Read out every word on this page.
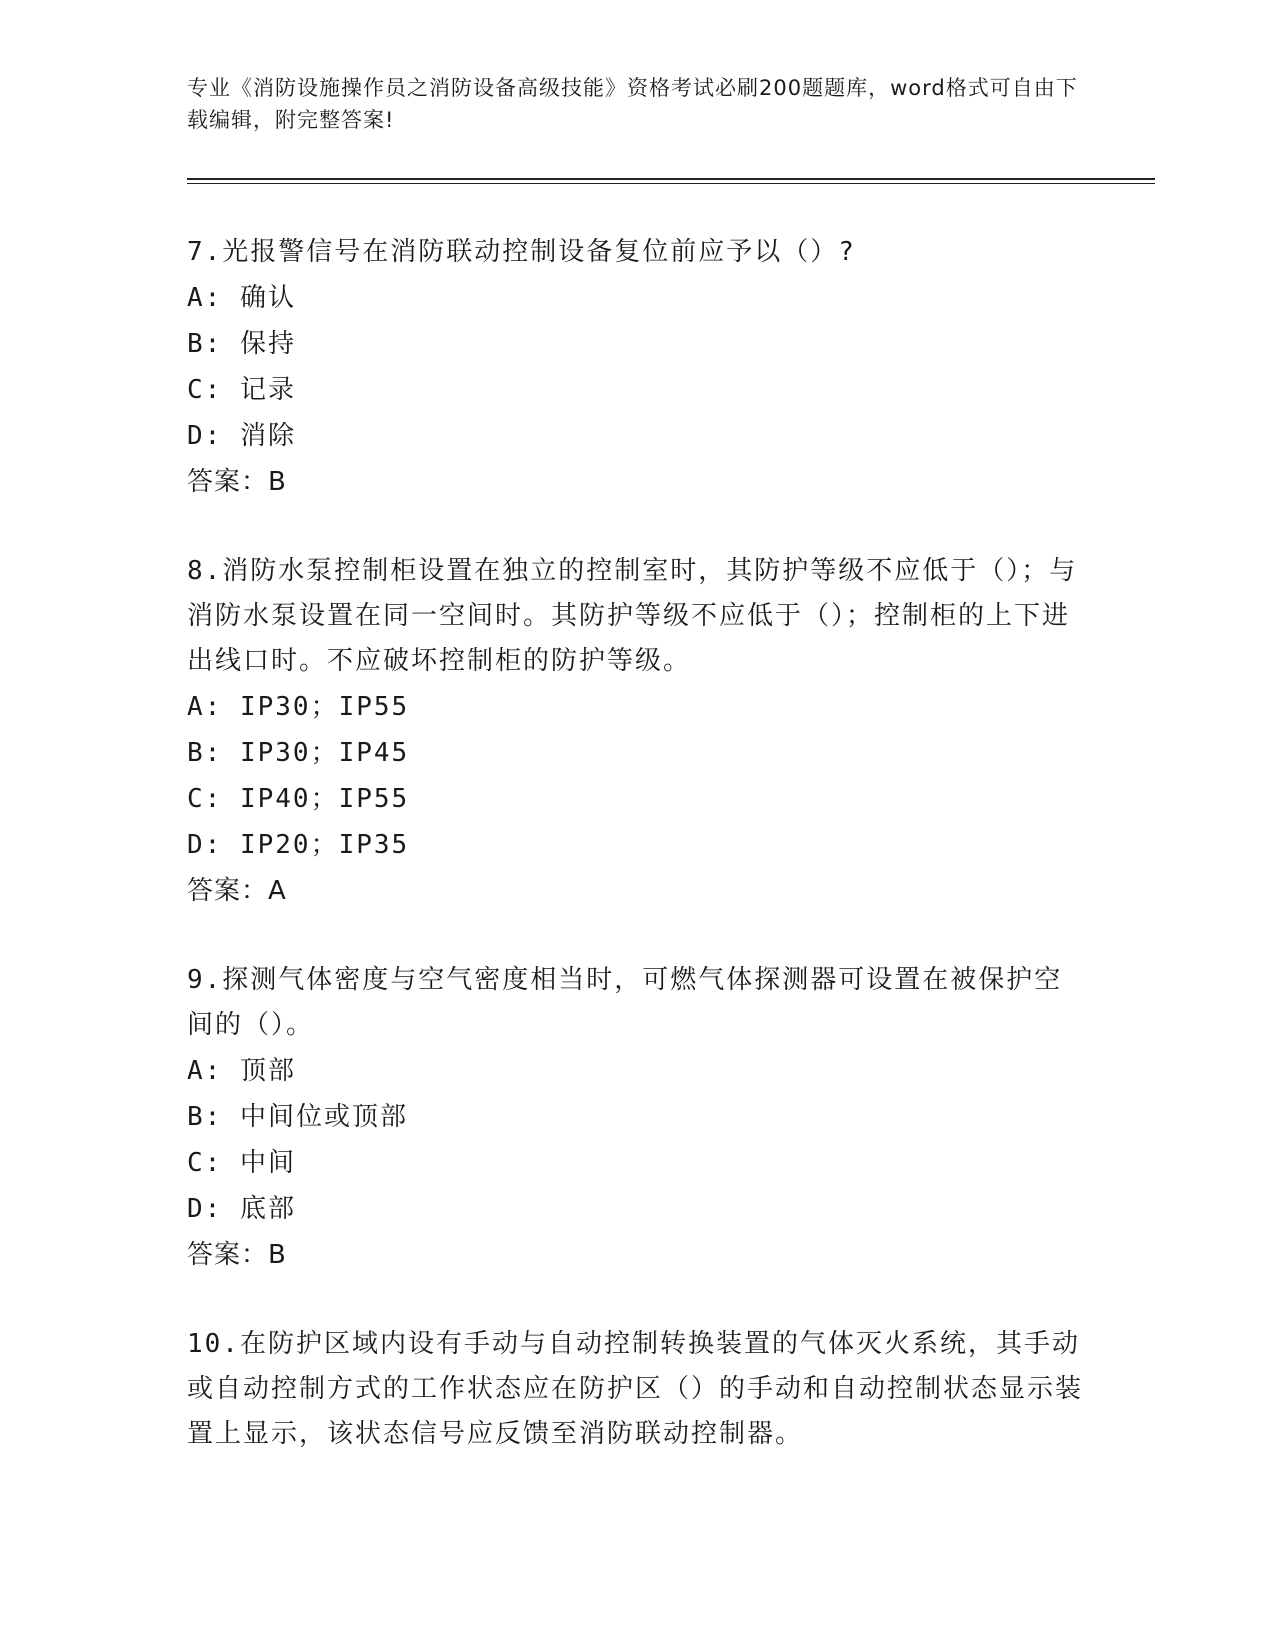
专业《消防设施操作员之消防设备高级技能》资格考试必刷200题题库，word格式可自由下载编辑，附完整答案!

7.光报警信号在消防联动控制设备复位前应予以（）?

A: 确认

B: 保持

C: 记录

D: 消除

答案：B

8.消防水泵控制柜设置在独立的控制室时，其防护等级不应低于（）；与消防水泵设置在同一空间时。其防护等级不应低于（）；控制柜的上下进出线口时。不应破坏控制柜的防护等级。

A: IP30；IP55

B: IP30；IP45

C: IP40；IP55

D: IP20；IP35

答案：A

9.探测气体密度与空气密度相当时，可燃气体探测器可设置在被保护空间的（）。

A: 顶部

B: 中间位或顶部

C: 中间

D: 底部

答案：B

10.在防护区域内设有手动与自动控制转换装置的气体灭火系统，其手动或自动控制方式的工作状态应在防护区（）的手动和自动控制状态显示装置上显示，该状态信号应反馈至消防联动控制器。
